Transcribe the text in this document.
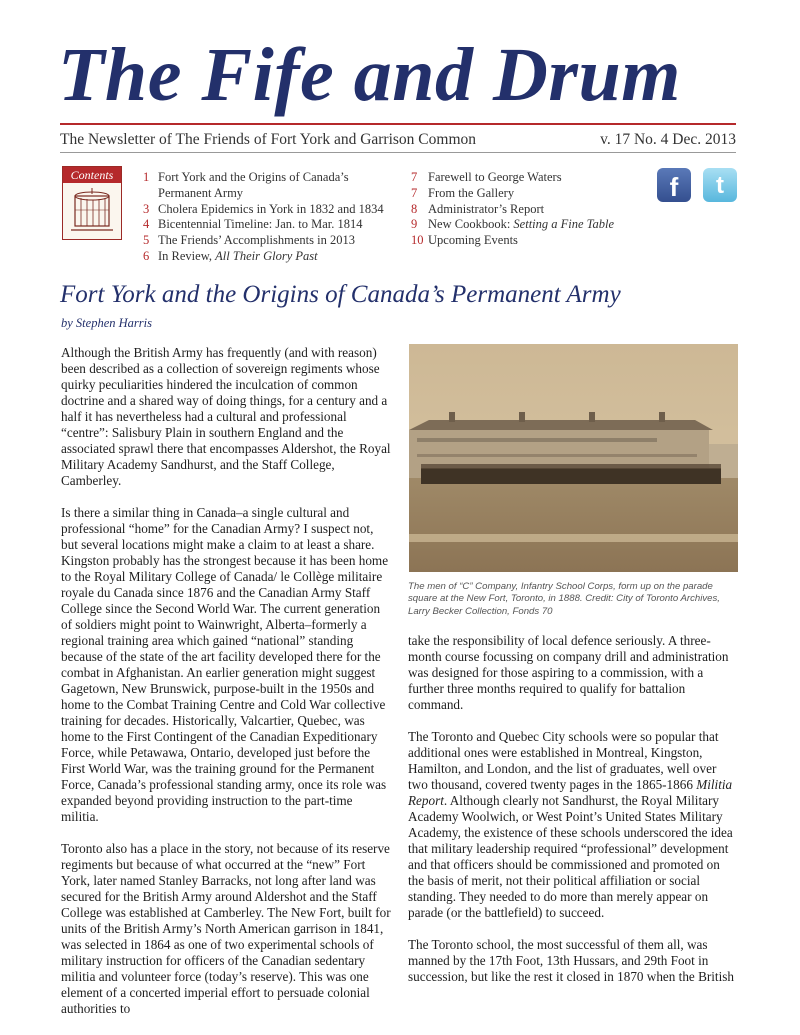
The Fife and Drum
The Newsletter of The Friends of Fort York and Garrison Common	v. 17 No. 4 Dec. 2013
Contents	1 Fort York and the Origins of Canada’s Permanent Army
3 Cholera Epidemics in York in 1832 and 1834
4 Bicentennial Timeline: Jan. to Mar. 1814
5 The Friends’ Accomplishments in 2013
6 In Review, All Their Glory Past
7 Farewell to George Waters
7 From the Gallery
8 Administrator’s Report
9 New Cookbook: Setting a Fine Table
10 Upcoming Events
f	t
Fort York and the Origins of Canada’s Permanent Army
by Stephen Harris

Although the British Army has frequently (and with reason) been described as a collection of sovereign regiments whose quirky peculiarities hindered the inculcation of common doctrine and a shared way of doing things, for a century and a half it has nevertheless had a cultural and professional “centre”: Salisbury Plain in southern England and the associated sprawl there that encompasses Aldershot, the Royal Military Academy Sandhurst, and the Staff College, Camberley.

Is there a similar thing in Canada–a single cultural and professional “home” for the Canadian Army? I suspect not, but several locations might make a claim to at least a share. Kingston probably has the strongest because it has been home to the Royal Military College of Canada/ le Collège militaire royale du Canada since 1876 and the Canadian Army Staff College since the Second World War. The current generation of soldiers might point to Wainwright, Alberta–formerly a regional training area which gained “national” standing because of the state of the art facility developed there for the combat in Afghanistan. An earlier generation might suggest Gagetown, New Brunswick, purpose-built in the 1950s and home to the Combat Training Centre and Cold War collective training for decades. Historically, Valcartier, Quebec, was home to the First Contingent of the Canadian Expeditionary Force, while Petawawa, Ontario, developed just before the First World War, was the training ground for the Permanent Force, Canada’s professional standing army, once its role was expanded beyond providing instruction to the part-time militia.

Toronto also has a place in the story, not because of its reserve regiments but because of what occurred at the “new” Fort York, later named Stanley Barracks, not long after land was secured for the British Army around Aldershot and the Staff College was established at Camberley. The New Fort, built for units of the British Army’s North American garrison in 1841, was selected in 1864 as one of two experimental schools of military instruction for officers of the Canadian sedentary militia and volunteer force (today’s reserve). This was one element of a concerted imperial effort to persuade colonial authorities to

The men of “C” Company, Infantry School Corps, form up on the parade square at the New Fort, Toronto, in 1888. Credit: City of Toronto Archives, Larry Becker Collection, Fonds 70

take the responsibility of local defence seriously. A three-month course focussing on company drill and administration was designed for those aspiring to a commission, with a further three months required to qualify for battalion command.

The Toronto and Quebec City schools were so popular that additional ones were established in Montreal, Kingston, Hamilton, and London, and the list of graduates, well over two thousand, covered twenty pages in the 1865-1866 Militia Report. Although clearly not Sandhurst, the Royal Military Academy Woolwich, or West Point’s United States Military Academy, the existence of these schools underscored the idea that military leadership required “professional” development and that officers should be commissioned and promoted on the basis of merit, not their political affiliation or social standing. They needed to do more than merely appear on parade (or the battlefield) to succeed.

The Toronto school, the most successful of them all, was manned by the 17th Foot, 13th Hussars, and 29th Foot in succession, but like the rest it closed in 1870 when the British
